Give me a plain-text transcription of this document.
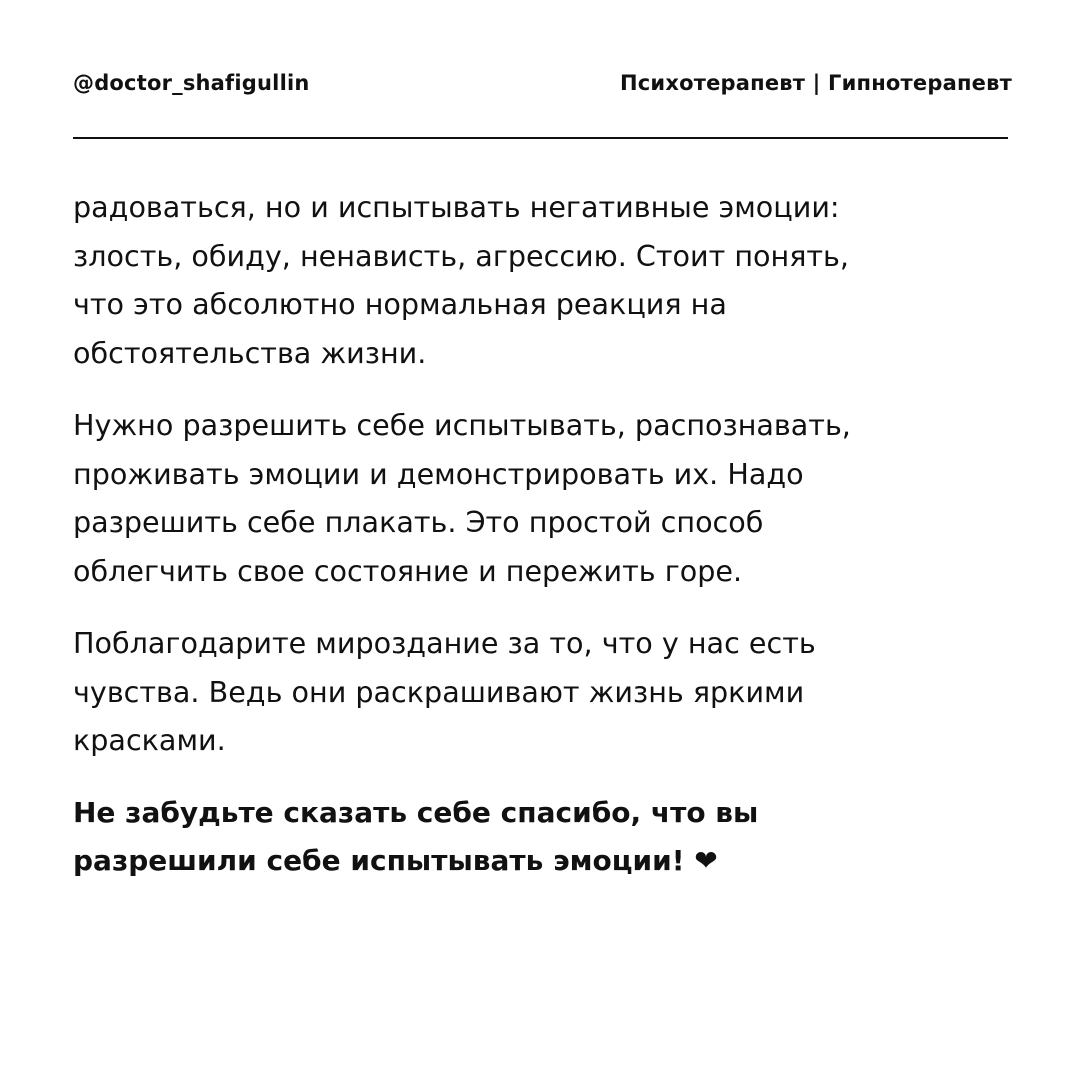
@doctor_shafigullin	Психотерапевт | Гипнотерапевт

радоваться, но и испытывать негативные эмоции:
злость, обиду, ненависть, агрессию. Стоит понять,
что это абсолютно нормальная реакция на
обстоятельства жизни.

Нужно разрешить себе испытывать, распознавать,
проживать эмоции и демонстрировать их. Надо
разрешить себе плакать. Это простой способ
облегчить свое состояние и пережить горе.

Поблагодарите мироздание за то, что у нас есть
чувства. Ведь они раскрашивают жизнь яркими
красками.

Не забудьте сказать себе спасибо, что вы
разрешили себе испытывать эмоции! ❤
